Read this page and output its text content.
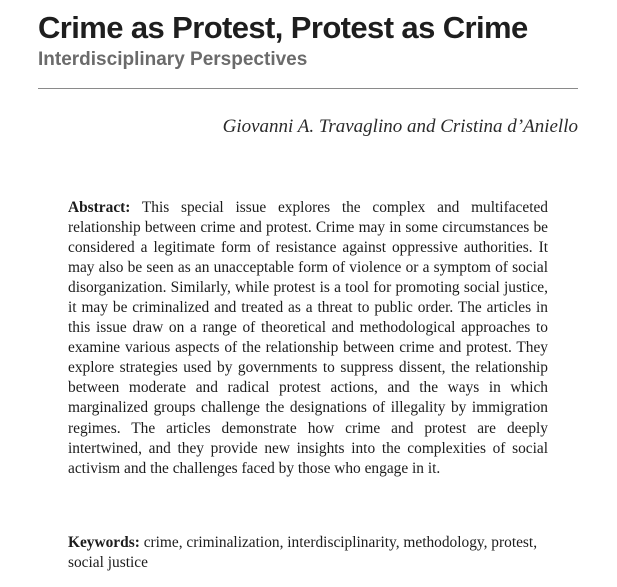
Crime as Protest, Protest as Crime
Interdisciplinary Perspectives
Giovanni A. Travaglino and Cristina d’Aniello

Abstract: This special issue explores the complex and multifaceted relationship between crime and protest. Crime may in some circumstances be considered a legitimate form of resistance against oppressive authorities. It may also be seen as an unacceptable form of violence or a symptom of social disorganization. Similarly, while protest is a tool for promoting social justice, it may be criminalized and treated as a threat to public order. The articles in this issue draw on a range of theoretical and methodological approaches to examine various aspects of the relationship between crime and protest. They explore strategies used by governments to suppress dissent, the relationship between moderate and radical protest actions, and the ways in which marginalized groups challenge the designations of illegality by immigration regimes. The articles demonstrate how crime and protest are deeply intertwined, and they provide new insights into the complexities of social activism and the challenges faced by those who engage in it.

Keywords: crime, criminalization, interdisciplinarity, methodology, protest, social justice
